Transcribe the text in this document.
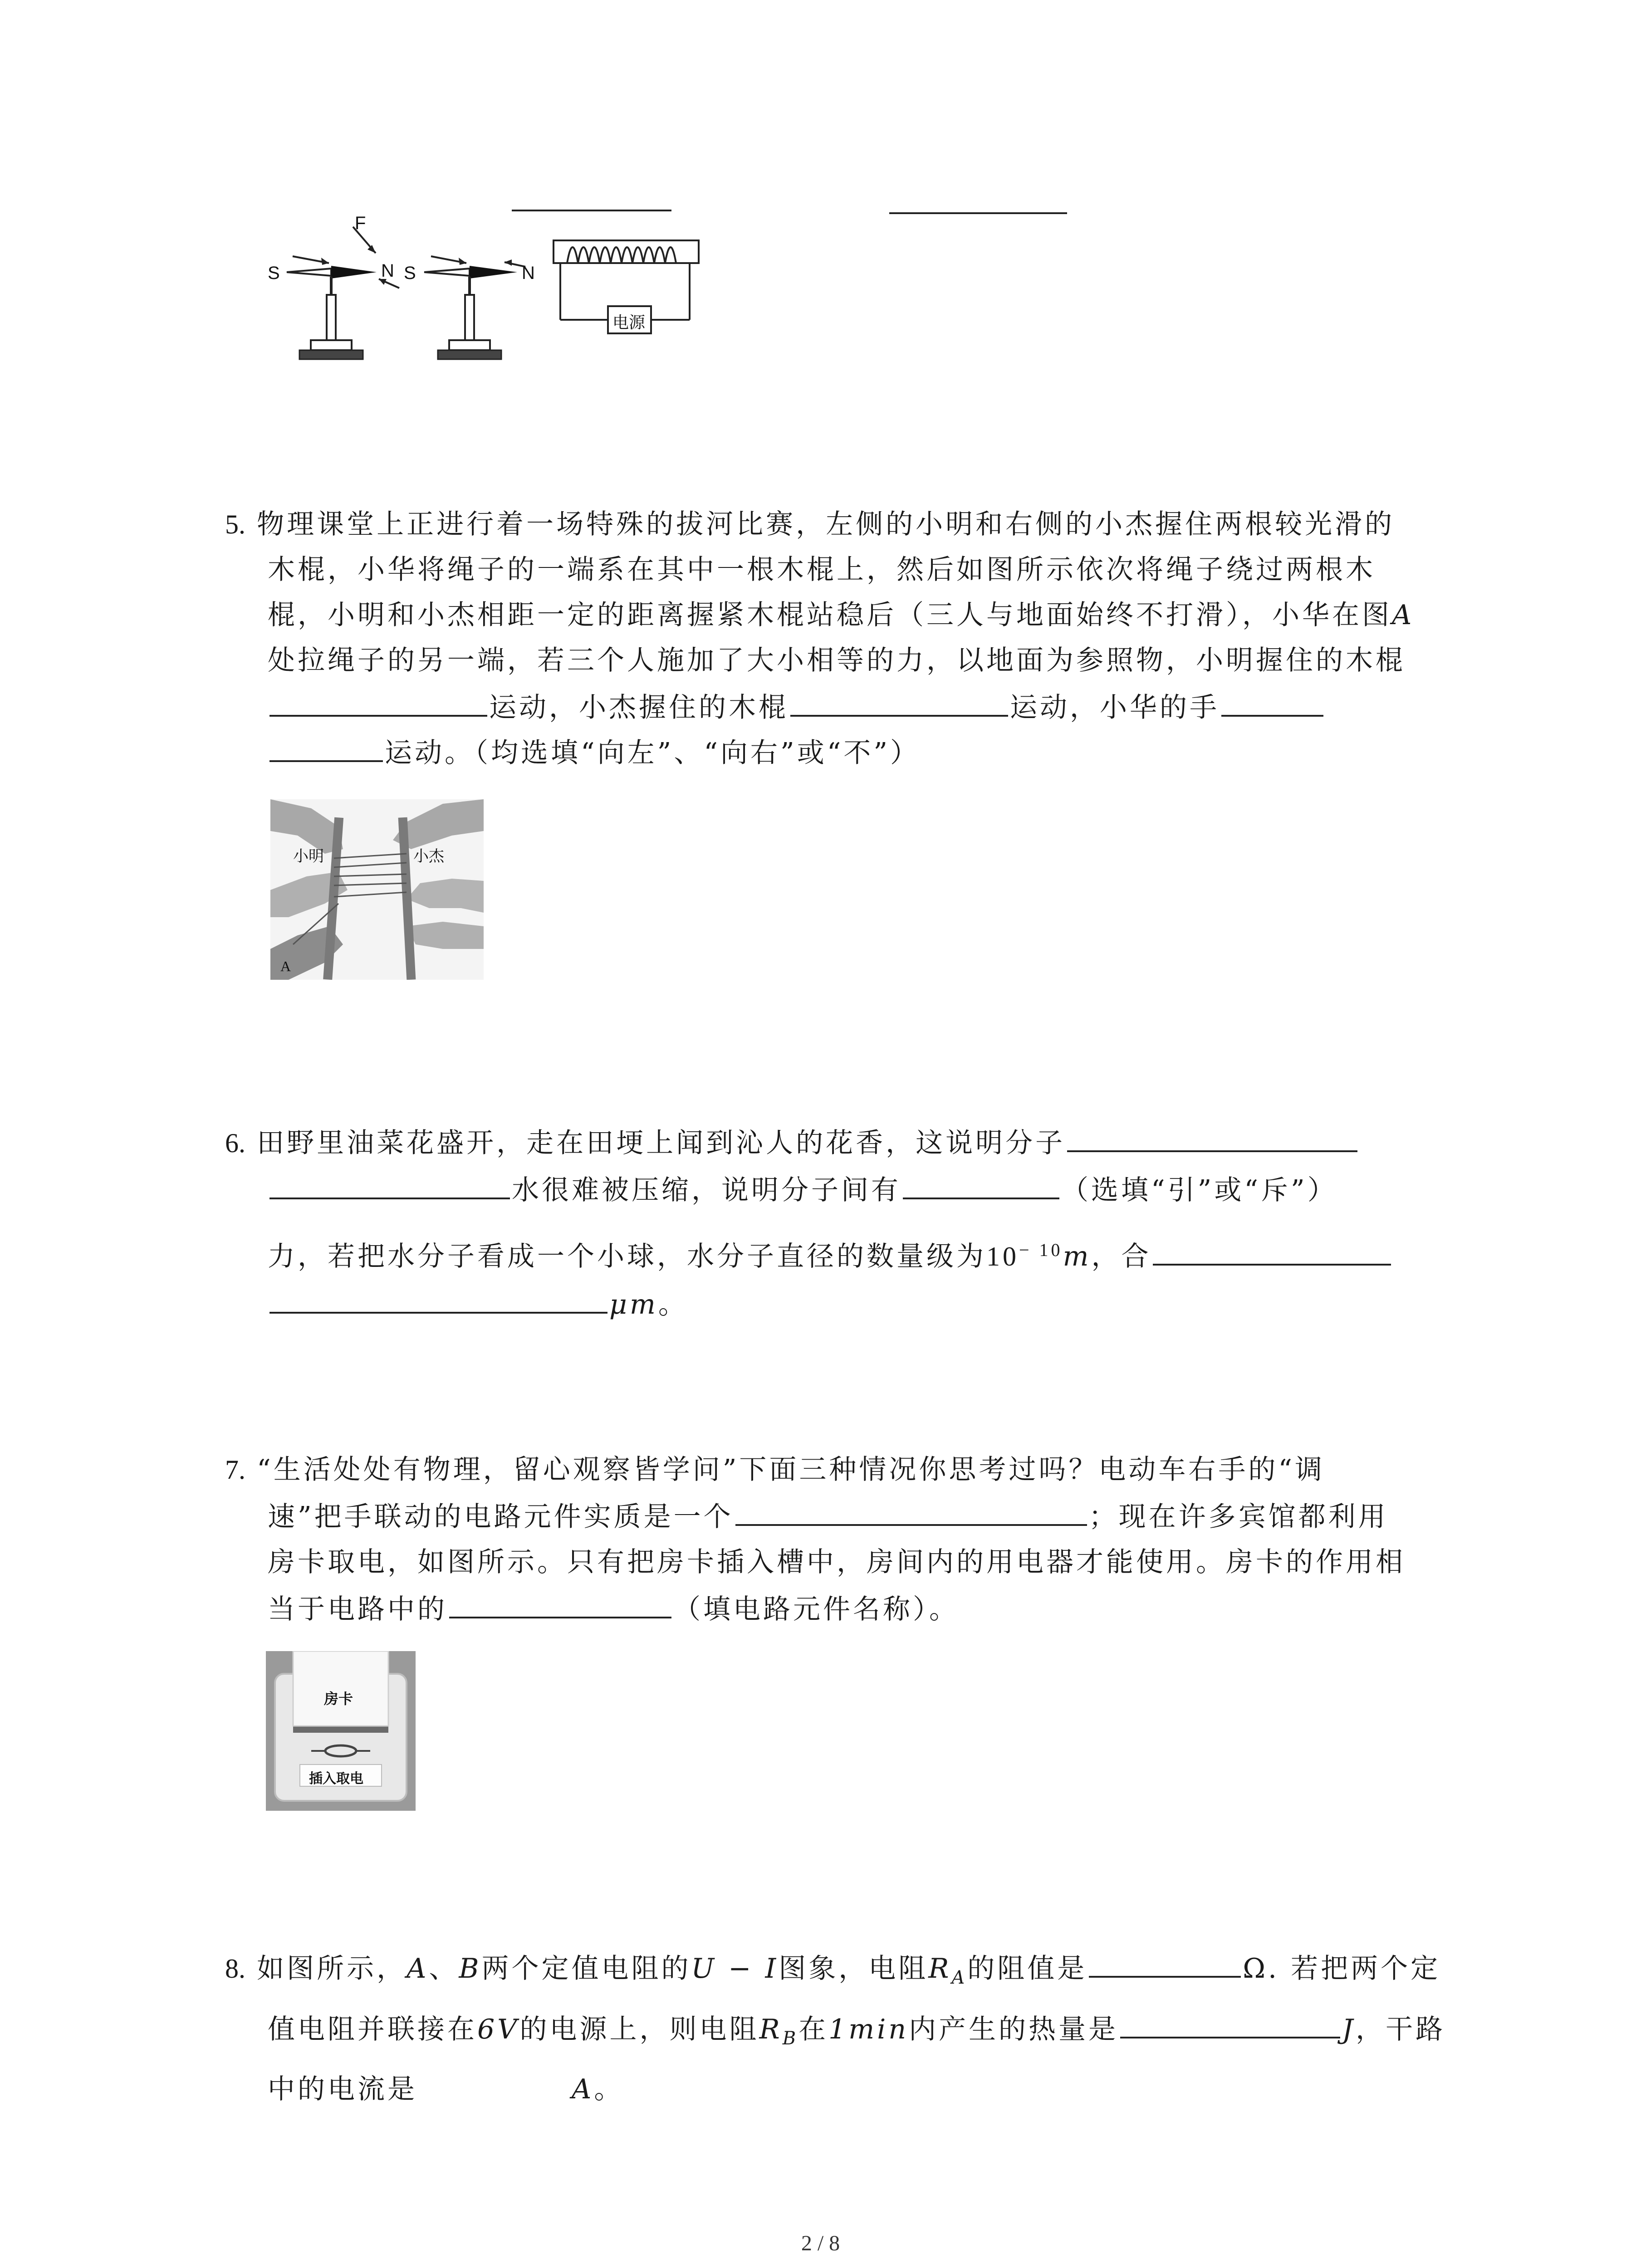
S	N
F
S	N
电源
5. 物理课堂上正进行着一场特殊的拔河比赛，左侧的小明和右侧的小杰握住两根较光滑的
木棍，小华将绳子的一端系在其中一根木棍上，然后如图所示依次将绳子绕过两根木
棍，小明和小杰相距一定的距离握紧木棍站稳后（三人与地面始终不打滑），小华在图A
处拉绳子的另一端，若三个人施加了大小相等的力，以地面为参照物，小明握住的木棍
运动，小杰握住的木棍	运动，小华的手
运动。（均选填“向左”、“向右”或“不”）
小明	小杰
A
6. 田野里油菜花盛开，走在田埂上闻到沁人的花香，这说明分子
水很难被压缩，说明分子间有	（选填“引”或“斥”）
力，若把水分子看成一个小球，水分子直径的数量级为$10^{- 10}m$，合
μm。
7. “生活处处有物理，留心观察皆学问”下面三种情况你思考过吗？电动车右手的“调
速”把手联动的电路元件实质是一个	；现在许多宾馆都利用
房卡取电，如图所示。只有把房卡插入槽中，房间内的用电器才能使用。房卡的作用相
当于电路中的	（填电路元件名称）。
房卡
插入取电
8. 如图所示，A、B两个定值电阻的U − I图象，电阻$R_A$的阻值是	Ω. 若把两个定
值电阻并联接在6V的电源上，则电阻$R_B$在1min内产生的热量是	J，干路
中的电流是	A。
2 / 8
